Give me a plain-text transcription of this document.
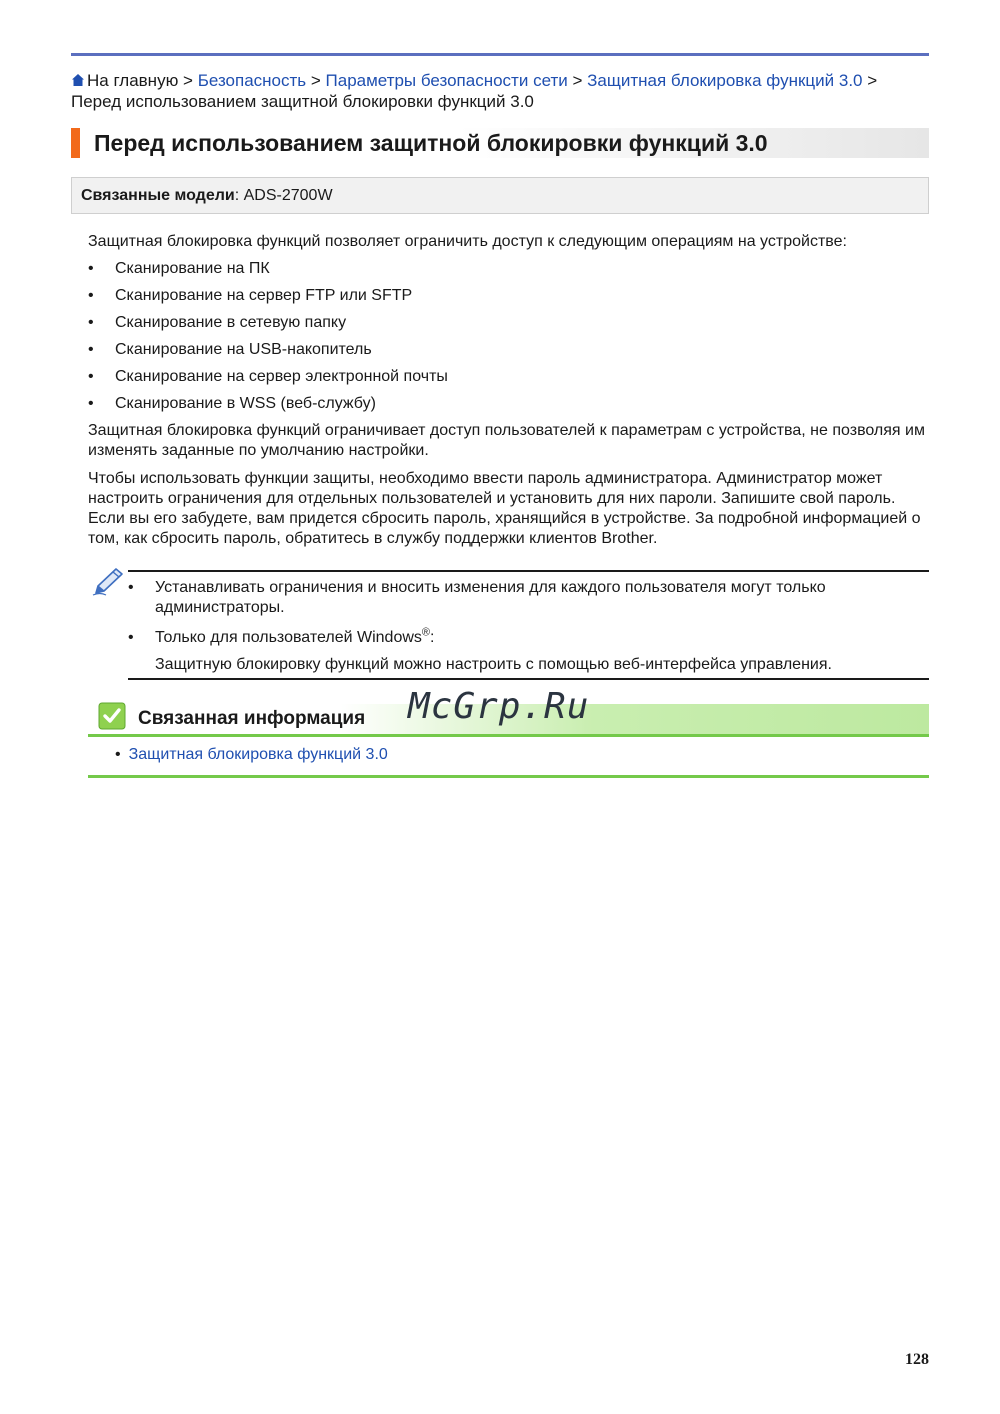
На главную > Безопасность > Параметры безопасности сети > Защитная блокировка функций 3.0 > Перед использованием защитной блокировки функций 3.0
Перед использованием защитной блокировки функций 3.0
Связанные модели: ADS-2700W

Защитная блокировка функций позволяет ограничить доступ к следующим операциям на устройстве:

• Сканирование на ПК
• Сканирование на сервер FTP или SFTP
• Сканирование в сетевую папку
• Сканирование на USB-накопитель
• Сканирование на сервер электронной почты
• Сканирование в WSS (веб-службу)

Защитная блокировка функций ограничивает доступ пользователей к параметрам с устройства, не позволяя им изменять заданные по умолчанию настройки.

Чтобы использовать функции защиты, необходимо ввести пароль администратора. Администратор может настроить ограничения для отдельных пользователей и установить для них пароли. Запишите свой пароль. Если вы его забудете, вам придется сбросить пароль, хранящийся в устройстве. За подробной информацией о том, как сбросить пароль, обратитесь в службу поддержки клиентов Brother.

• Устанавливать ограничения и вносить изменения для каждого пользователя могут только администраторы.
• Только для пользователей Windows®:
Защитную блокировку функций можно настроить с помощью веб-интерфейса управления.
Связанная информация
• Защитная блокировка функций 3.0
McGrp.Ru
128
